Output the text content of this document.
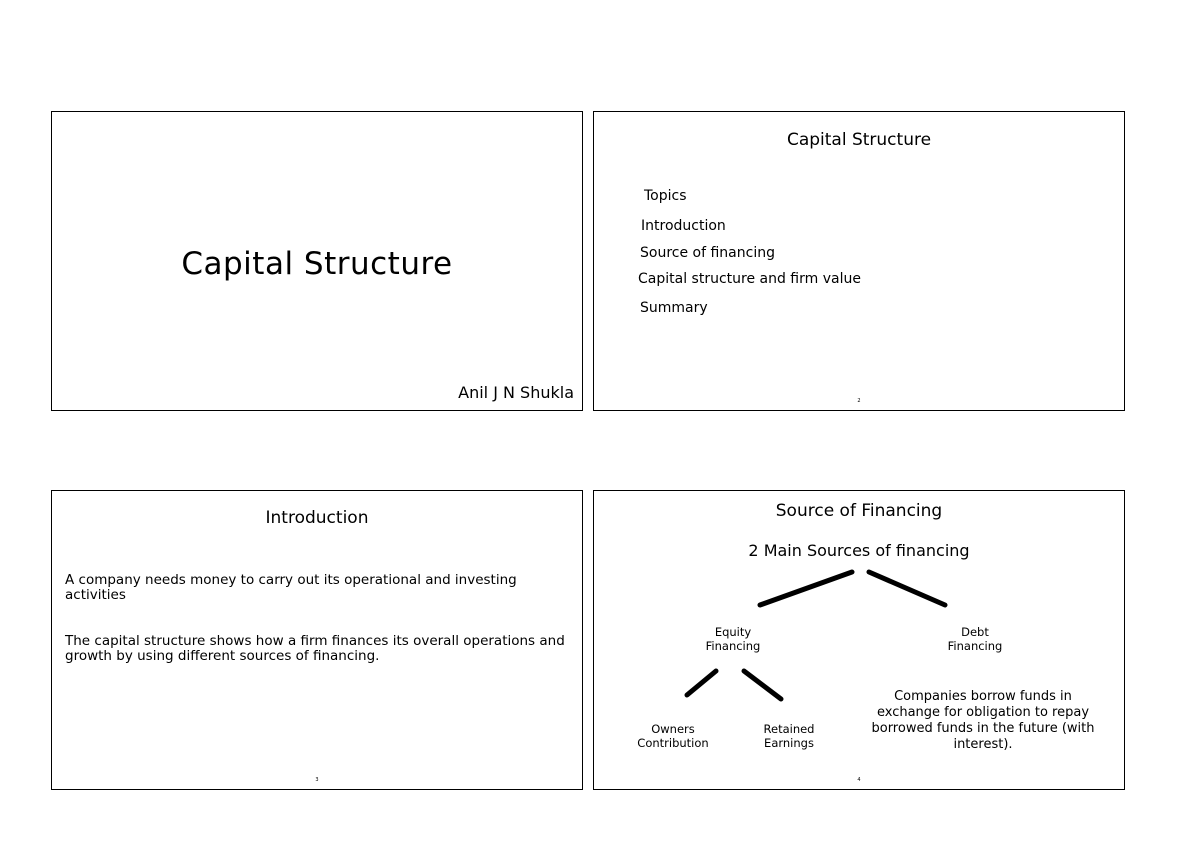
Capital Structure
Anil J N Shukla
Capital Structure
Topics
Introduction
Source of financing
Capital structure and firm value
Summary
2
Introduction
A company needs money to carry out its operational and investing activities
The capital structure shows how a firm finances its overall operations and growth by using different sources of financing.
3
Source of Financing
2 Main Sources of financing
Equity
Financing
Debt
Financing
Owners
Contribution
Retained
Earnings
Companies borrow funds in exchange for obligation to repay borrowed funds in the future (with interest).
4
